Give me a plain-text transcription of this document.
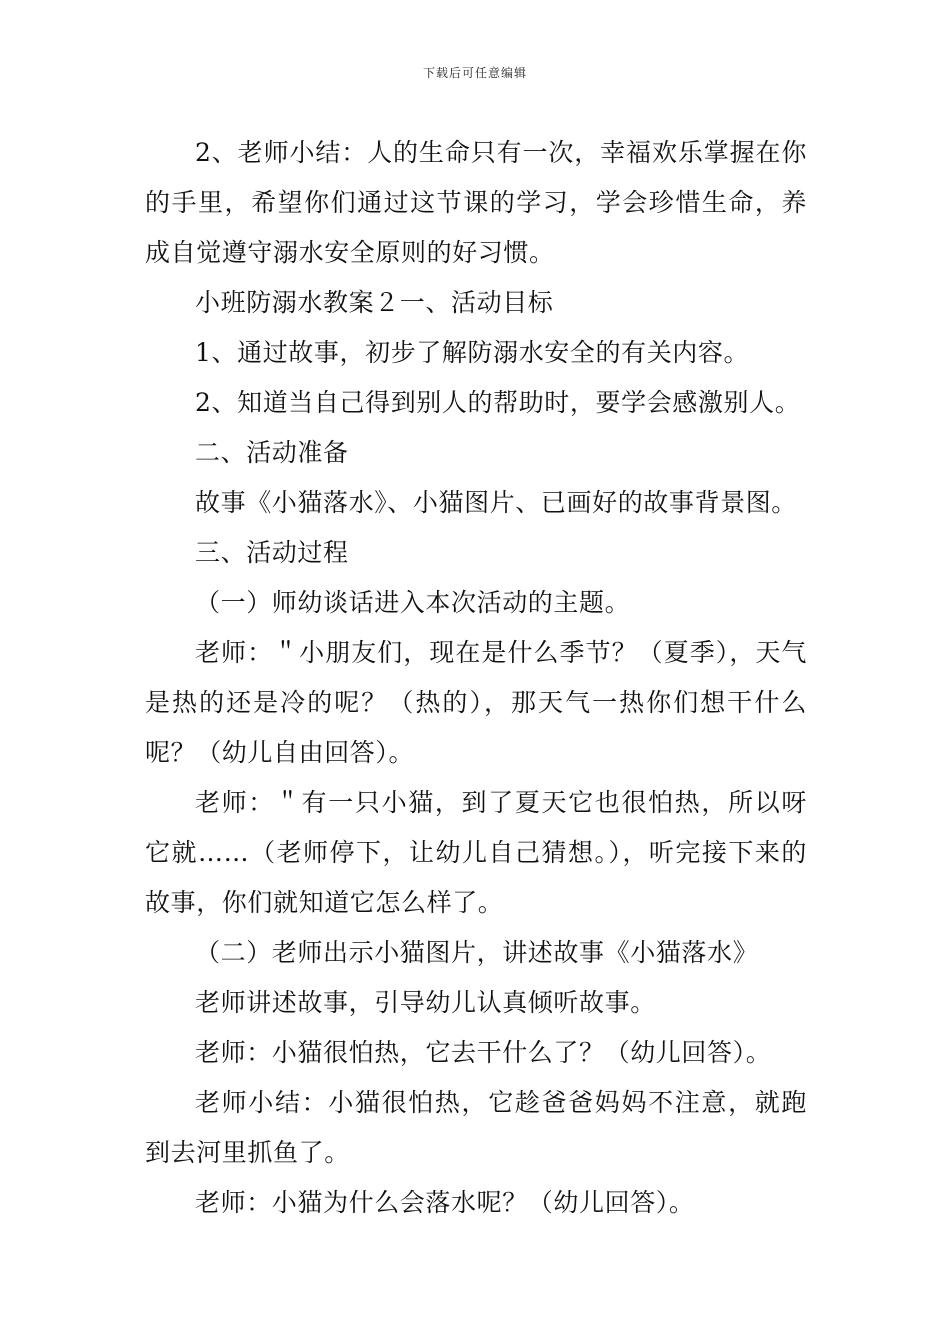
下载后可任意编辑

2、老师小结：人的生命只有一次，幸福欢乐掌握在你的手里，希望你们通过这节课的学习，学会珍惜生命，养成自觉遵守溺水安全原则的好习惯。

小班防溺水教案２一、活动目标

1、通过故事，初步了解防溺水安全的有关内容。

2、知道当自己得到别人的帮助时，要学会感激别人。

二、活动准备

故事《小猫落水》、小猫图片、已画好的故事背景图。

三、活动过程

（一）师幼谈话进入本次活动的主题。

老师：＂小朋友们，现在是什么季节？（夏季），天气是热的还是冷的呢？（热的），那天气一热你们想干什么呢？（幼儿自由回答）。

老师：＂有一只小猫，到了夏天它也很怕热，所以呀它就……（老师停下，让幼儿自己猜想。），听完接下来的故事，你们就知道它怎么样了。

（二）老师出示小猫图片，讲述故事《小猫落水》

老师讲述故事，引导幼儿认真倾听故事。

老师：小猫很怕热，它去干什么了？（幼儿回答）。

老师小结：小猫很怕热，它趁爸爸妈妈不注意，就跑到去河里抓鱼了。

老师：小猫为什么会落水呢？（幼儿回答）。
